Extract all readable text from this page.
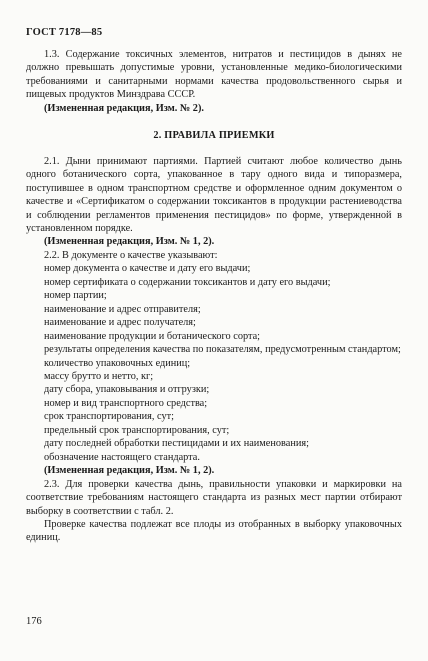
ГОСТ 7178—85

1.3. Содержание токсичных элементов, нитратов и пестицидов в дынях не должно превышать допустимые уровни, установленные медико-биологическими требованиями и санитарными нормами качества продовольственного сырья и пищевых продуктов Минздрава СССР.

(Измененная редакция, Изм. № 2).

2. ПРАВИЛА ПРИЕМКИ

2.1. Дыни принимают партиями. Партией считают любое количество дынь одного ботанического сорта, упакованное в тару одного вида и типоразмера, поступившее в одном транспортном средстве и оформленное одним документом о качестве и «Сертификатом о содержании токсикантов в продукции растениеводства и соблюдении регламентов применения пестицидов» по форме, утвержденной в установленном порядке.

(Измененная редакция, Изм. № 1, 2).

2.2. В документе о качестве указывают:

номер документа о качестве и дату его выдачи;

номер сертификата о содержании токсикантов и дату его выдачи;

номер партии;

наименование и адрес отправителя;

наименование и адрес получателя;

наименование продукции и ботанического сорта;

результаты определения качества по показателям, предусмотренным стандартом;

количество упаковочных единиц;

массу брутто и нетто, кг;

дату сбора, упаковывания и отгрузки;

номер и вид транспортного средства;

срок транспортирования, сут;

предельный срок транспортирования, сут;

дату последней обработки пестицидами и их наименования;

обозначение настоящего стандарта.

(Измененная редакция, Изм. № 1, 2).

2.3. Для проверки качества дынь, правильности упаковки и маркировки на соответствие требованиям настоящего стандарта из разных мест партии отбирают выборку в соответствии с табл. 2.

Проверке качества подлежат все плоды из отобранных в выборку упаковочных единиц.

176
